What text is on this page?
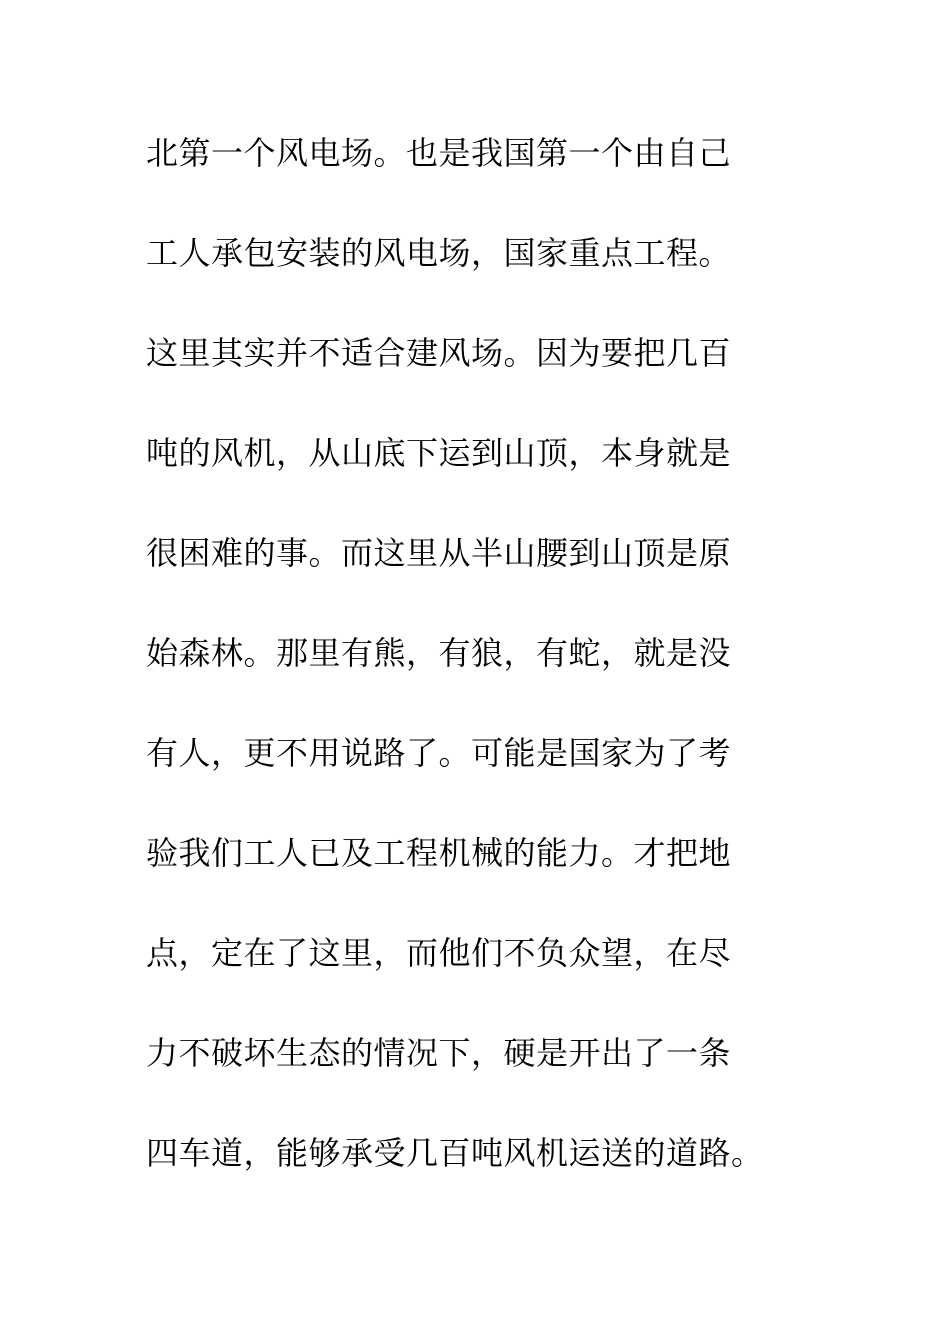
北第一个风电场。也是我国第一个由自己
工人承包安装的风电场，国家重点工程。
这里其实并不适合建风场。因为要把几百
吨的风机，从山底下运到山顶，本身就是
很困难的事。而这里从半山腰到山顶是原
始森林。那里有熊，有狼，有蛇，就是没
有人，更不用说路了。可能是国家为了考
验我们工人已及工程机械的能力。才把地
点，定在了这里，而他们不负众望，在尽
力不破坏生态的情况下，硬是开出了一条
四车道，能够承受几百吨风机运送的道路。
